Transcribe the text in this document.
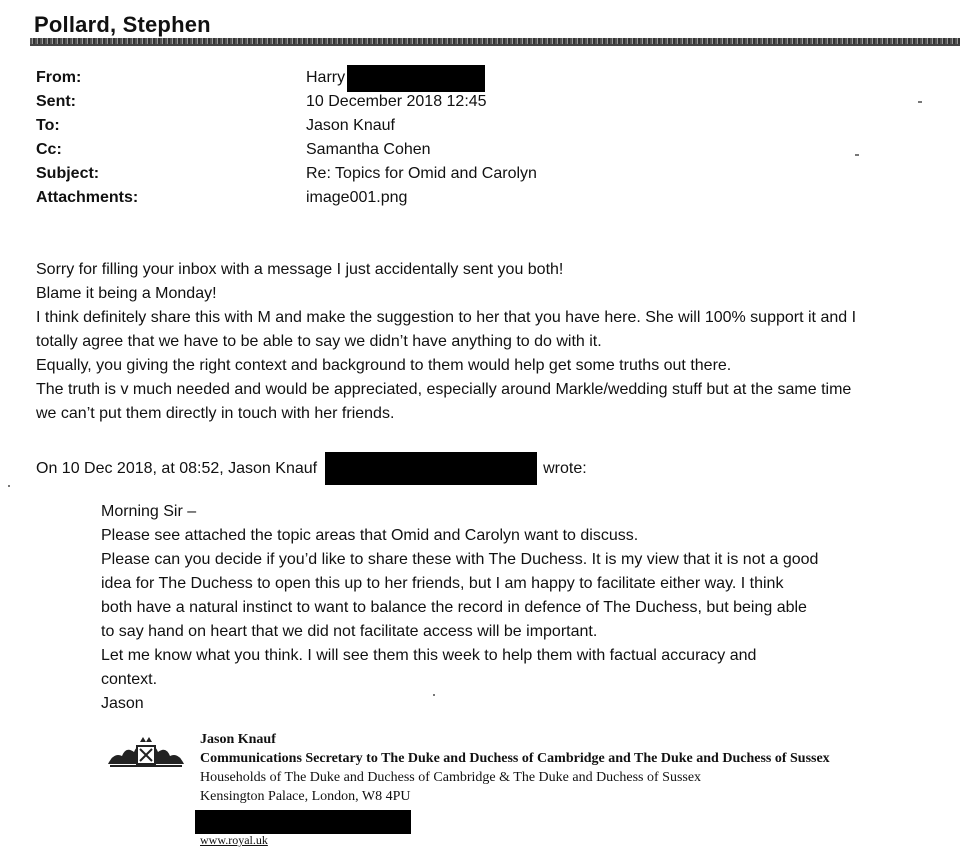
Pollard, Stephen
From:	Harry
Sent:	10 December 2018 12:45
To:	Jason Knauf
Cc:	Samantha Cohen
Subject:	Re: Topics for Omid and Carolyn
Attachments:	image001.png

Sorry for filling your inbox with a message I just accidentally sent you both!

Blame it being a Monday!

I think definitely share this with M and make the suggestion to her that you have here. She will 100% support it and I

totally agree that we have to be able to say we didn’t have anything to do with it.

Equally, you giving the right context and background to them would help get some truths out there.

The truth is v much needed and would be appreciated, especially around Markle/wedding stuff but at the same time

we can’t put them directly in touch with her friends.

On 10 Dec 2018, at 08:52, Jason Knauf	wrote:

Morning Sir –

Please see attached the topic areas that Omid and Carolyn want to discuss.

Please can you decide if you’d like to share these with The Duchess. It is my view that it is not a good

idea for The Duchess to open this up to her friends, but I am happy to facilitate either way. I think

both have a natural instinct to want to balance the record in defence of The Duchess, but being able

to say hand on heart that we did not facilitate access will be important.

Let me know what you think. I will see them this week to help them with factual accuracy and

context.

Jason

Jason Knauf
Communications Secretary to The Duke and Duchess of Cambridge and The Duke and Duchess of Sussex
Households of The Duke and Duchess of Cambridge & The Duke and Duchess of Sussex
Kensington Palace, London, W8 4PU
www.royal.uk
